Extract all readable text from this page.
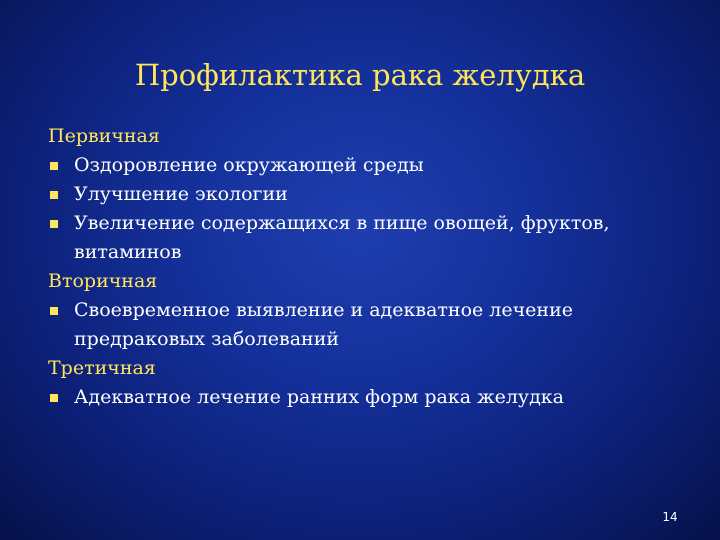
Профилактика рака желудка
Первичная
Оздоровление окружающей среды
Улучшение экологии
Увеличение содержащихся в пище овощей, фруктов,
витаминов
Вторичная
Своевременное выявление и адекватное лечение
предраковых заболеваний
Третичная
Адекватное лечение ранних форм рака желудка
14
